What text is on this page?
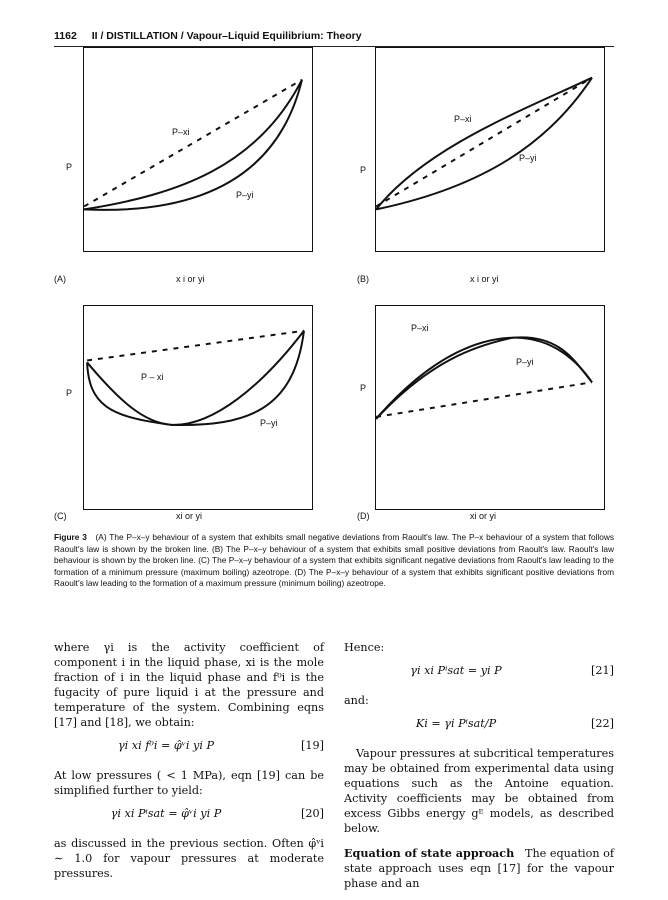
1162 II / DISTILLATION / Vapour–Liquid Equilibrium: Theory
P–xi
P–yi
P
(A)	x i or yi
P–xi
P–yi
P
(B)	x i or yi
P – xi
P–yi
P
(C)	xi or yi
P–xi
P–yi
P
(D)	xi or yi
Figure 3 (A) The P–x–y behaviour of a system that exhibits small negative deviations from Raoult's law. The P–x behaviour of a system that follows Raoult's law is shown by the broken line. (B) The P–x–y behaviour of a system that exhibits small positive deviations from Raoult's law. Raoult's law behaviour is shown by the broken line. (C) The P–x–y behaviour of a system that exhibits significant negative deviations from Raoult's law leading to the formation of a minimum pressure (maximum boiling) azeotrope. (D) The P–x–y behaviour of a system that exhibits significant positive deviations from Raoult's law leading to the formation of a maximum pressure (minimum boiling) azeotrope.

where γi is the activity coefficient of component i in the liquid phase, xi is the mole fraction of i in the liquid phase and f⁰i is the fugacity of pure liquid i at the pressure and temperature of the system. Combining eqns [17] and [18], we obtain:

γi xi f⁰i = φ̂ᵛi yi P	[19]

At low pressures ( < 1 MPa), eqn [19] can be simplified further to yield:

γi xi Pⁱsat = φ̂ᵛi yi P	[20]

as discussed in the previous section. Often φ̂ᵛi ∼ 1.0 for vapour pressures at moderate pressures.

Hence:

γi xi Pⁱsat = yi P	[21]

and:

Ki = γi Pⁱsat/P	[22]

Vapour pressures at subcritical temperatures may be obtained from experimental data using equations such as the Antoine equation. Activity coefficients may be obtained from excess Gibbs energy gᴱ models, as described below.

Equation of state approach The equation of state approach uses eqn [17] for the vapour phase and an
